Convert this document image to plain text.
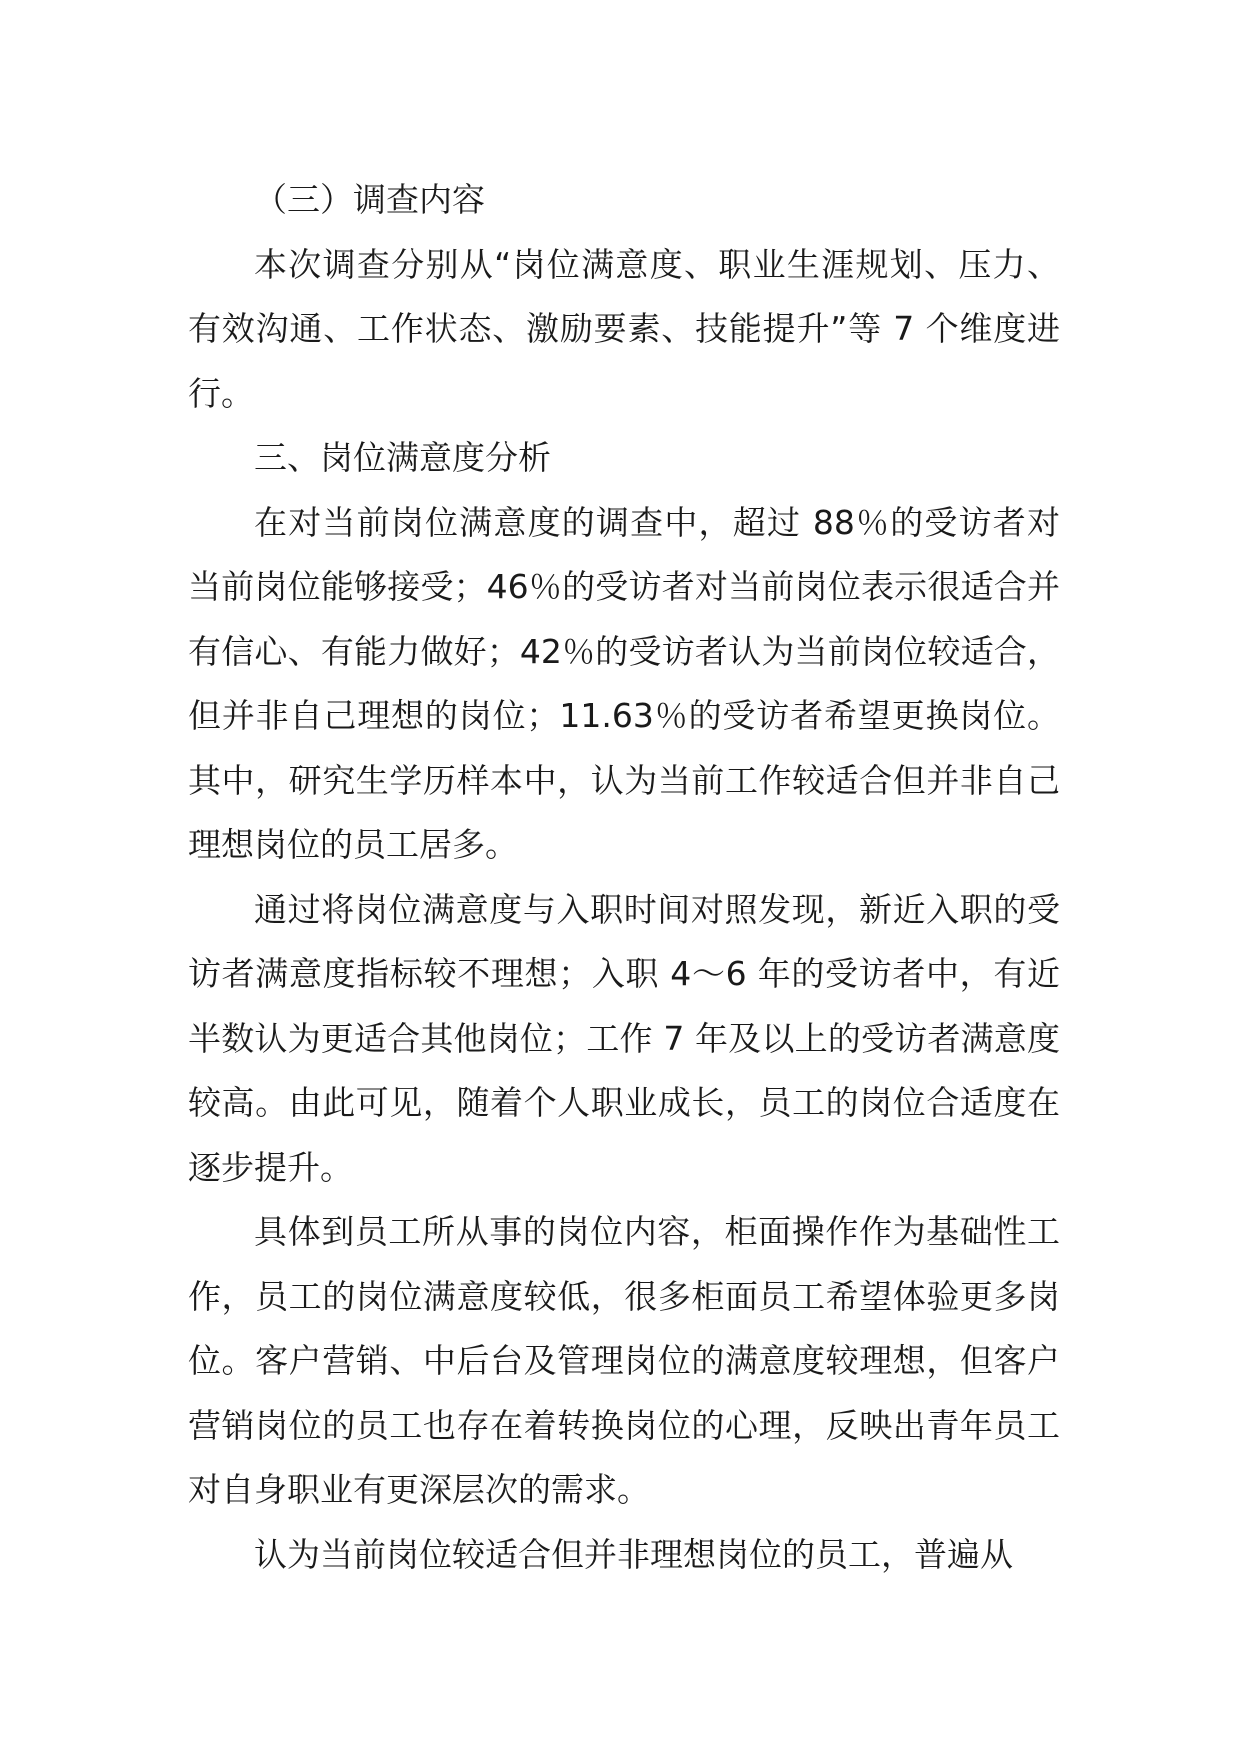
（三）调查内容

本次调查分别从“岗位满意度、职业生涯规划、压力、有效沟通、工作状态、激励要素、技能提升”等 7 个维度进行。

三、岗位满意度分析

在对当前岗位满意度的调查中，超过 88％的受访者对当前岗位能够接受；46％的受访者对当前岗位表示很适合并有信心、有能力做好；42％的受访者认为当前岗位较适合，但并非自己理想的岗位；11.63％的受访者希望更换岗位。其中，研究生学历样本中，认为当前工作较适合但并非自己理想岗位的员工居多。

通过将岗位满意度与入职时间对照发现，新近入职的受访者满意度指标较不理想；入职 4～6 年的受访者中，有近半数认为更适合其他岗位；工作 7 年及以上的受访者满意度较高。由此可见，随着个人职业成长，员工的岗位合适度在逐步提升。

具体到员工所从事的岗位内容，柜面操作作为基础性工作，员工的岗位满意度较低，很多柜面员工希望体验更多岗位。客户营销、中后台及管理岗位的满意度较理想，但客户营销岗位的员工也存在着转换岗位的心理，反映出青年员工对自身职业有更深层次的需求。

认为当前岗位较适合但并非理想岗位的员工，普遍从
